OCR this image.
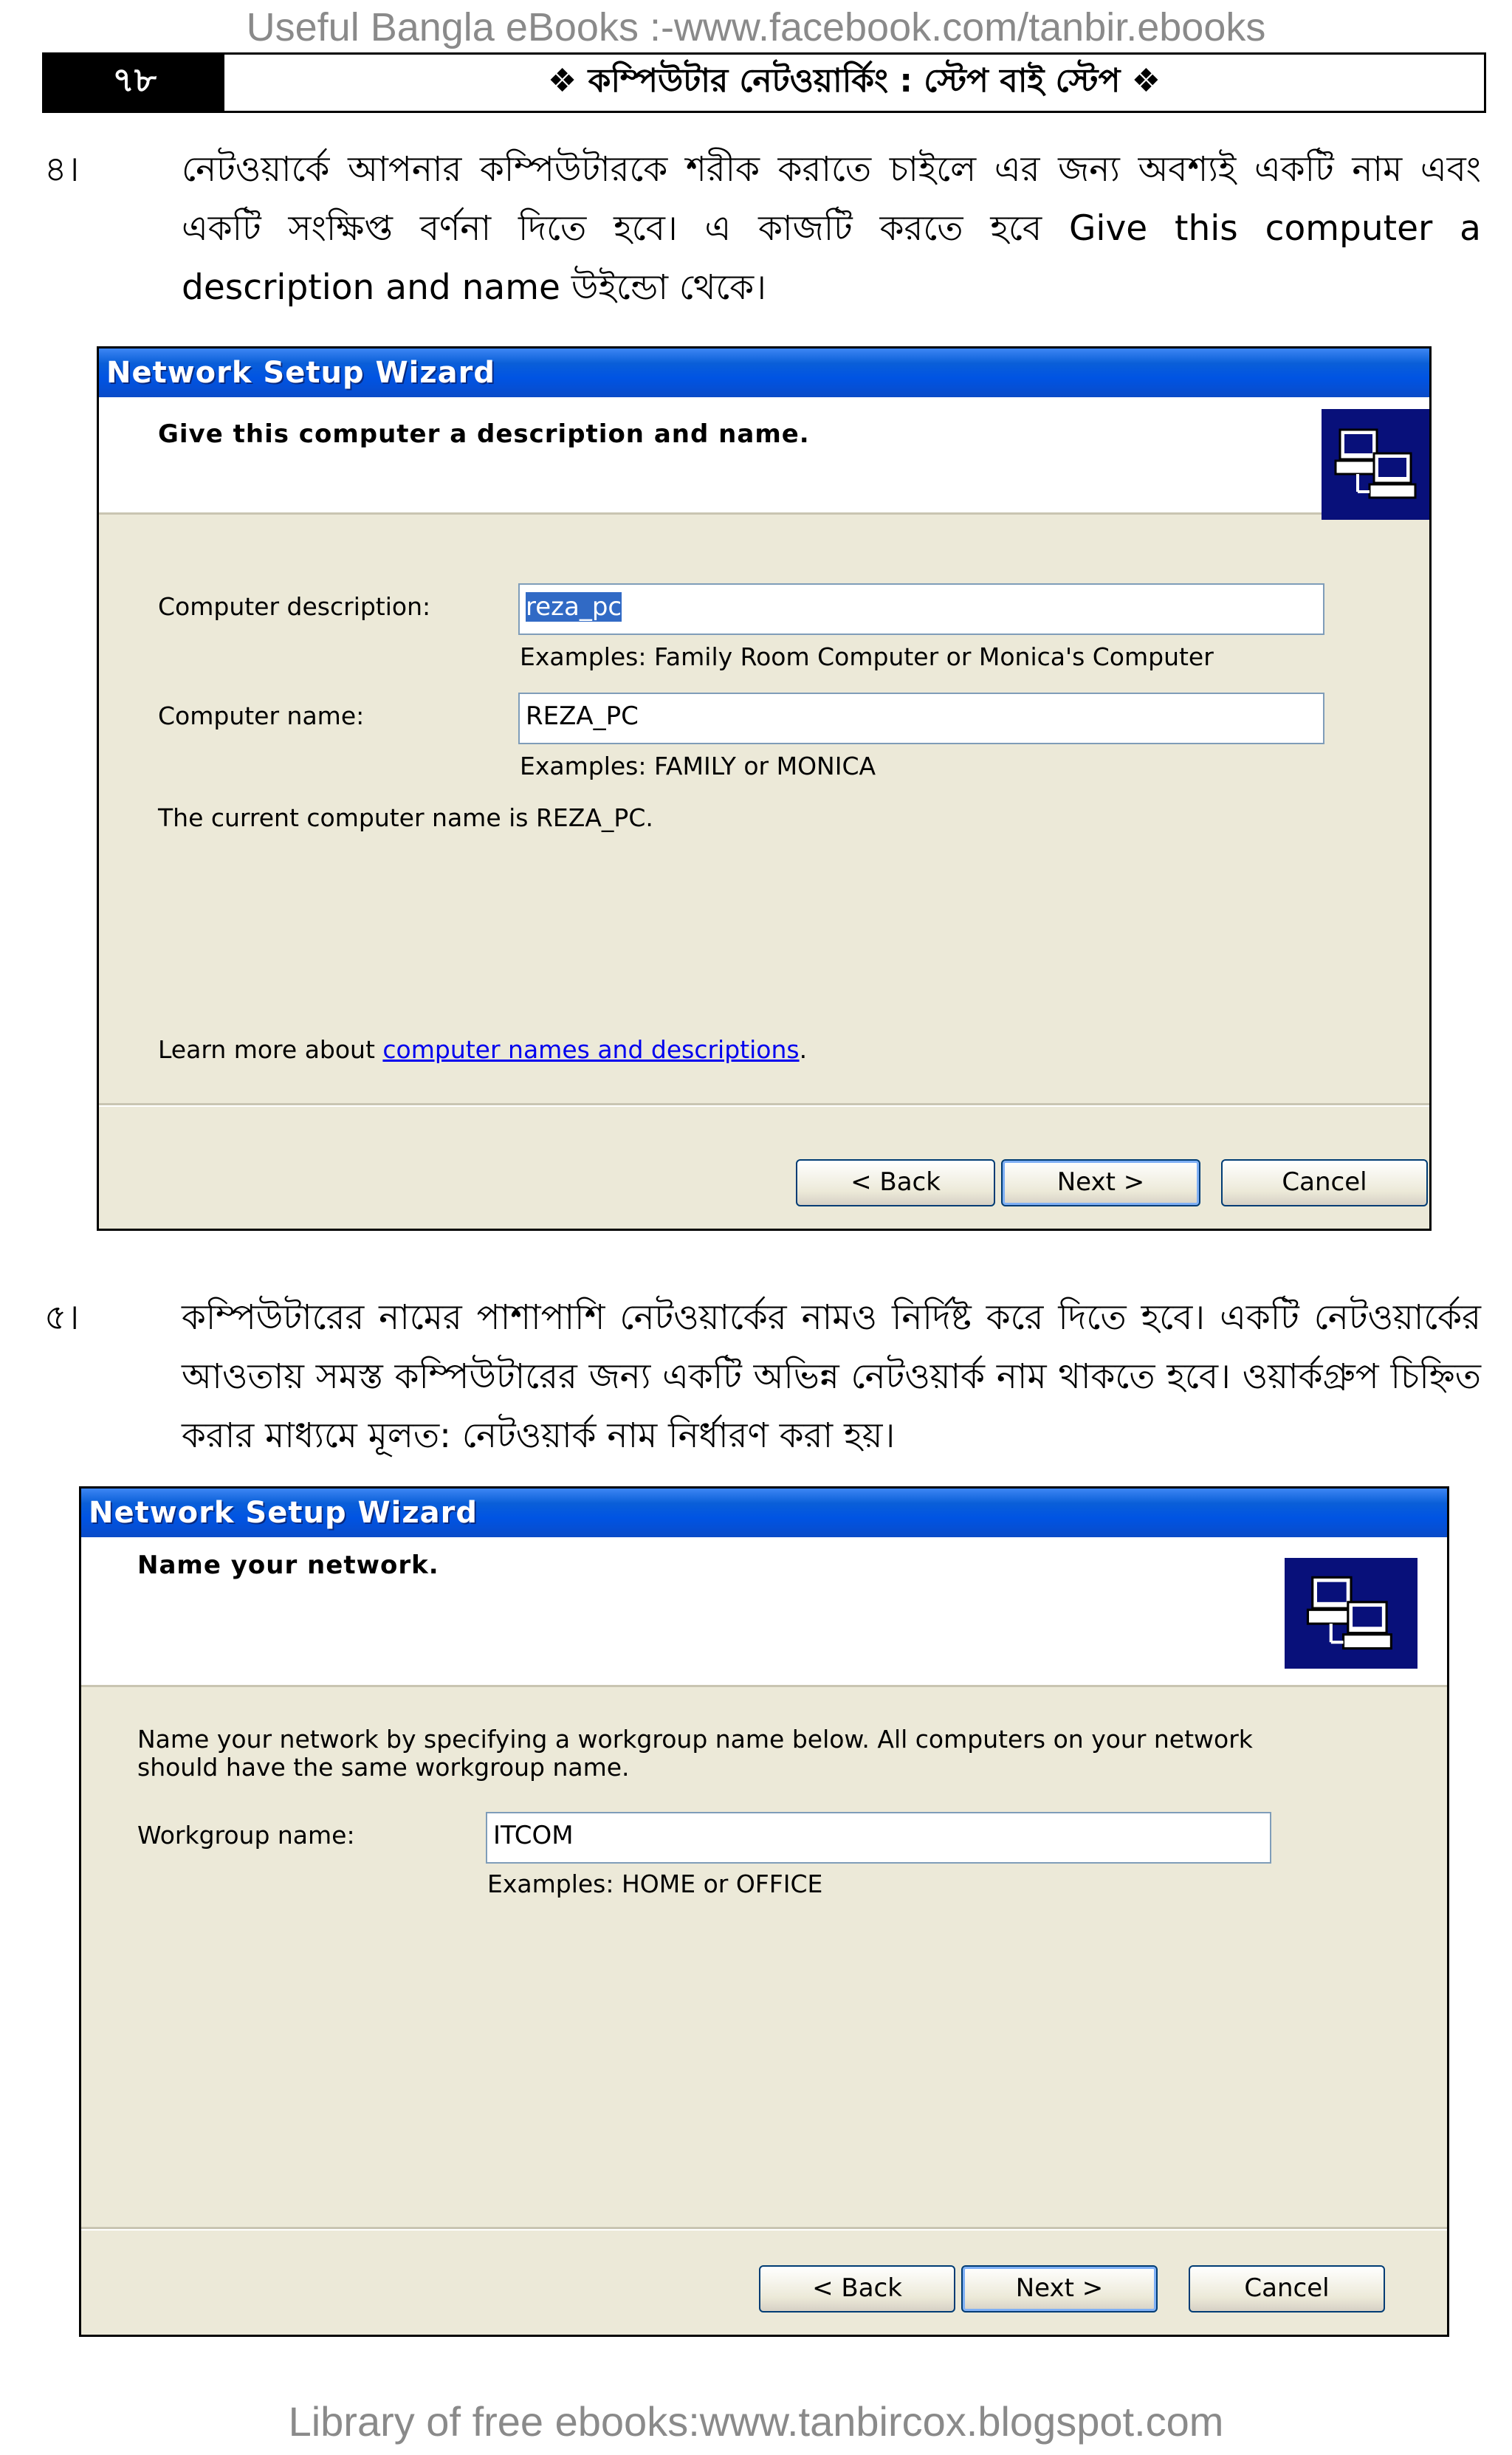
Useful Bangla eBooks :-www.facebook.com/tanbir.ebooks
৭৮	❖ কম্পিউটার নেটওয়ার্কিং : স্টেপ বাই স্টেপ ❖
৪।	নেটওয়ার্কে আপনার কম্পিউটারকে শরীক করাতে চাইলে এর জন্য অবশ্যই একটি নাম এবং একটি সংক্ষিপ্ত বর্ণনা দিতে হবে। এ কাজটি করতে হবে Give this computer a description and name উইন্ডো থেকে।
Network Setup Wizard
Give this computer a description and name.
Computer description:	reza_pc
Examples: Family Room Computer or Monica's Computer
Computer name:	REZA_PC
Examples: FAMILY or MONICA
The current computer name is REZA_PC.
Learn more about computer names and descriptions.
< Back	Next >	Cancel
৫।	কম্পিউটারের নামের পাশাপাশি নেটওয়ার্কের নামও নির্দিষ্ট করে দিতে হবে। একটি নেটওয়ার্কের আওতায় সমস্ত কম্পিউটারের জন্য একটি অভিন্ন নেটওয়ার্ক নাম থাকতে হবে। ওয়ার্কগ্রুপ চিহ্নিত করার মাধ্যমে মূলত: নেটওয়ার্ক নাম নির্ধারণ করা হয়।
Network Setup Wizard
Name your network.
Name your network by specifying a workgroup name below. All computers on your network
should have the same workgroup name.
Workgroup name:	ITCOM
Examples: HOME or OFFICE
< Back	Next >	Cancel
Library of free ebooks:www.tanbircox.blogspot.com
